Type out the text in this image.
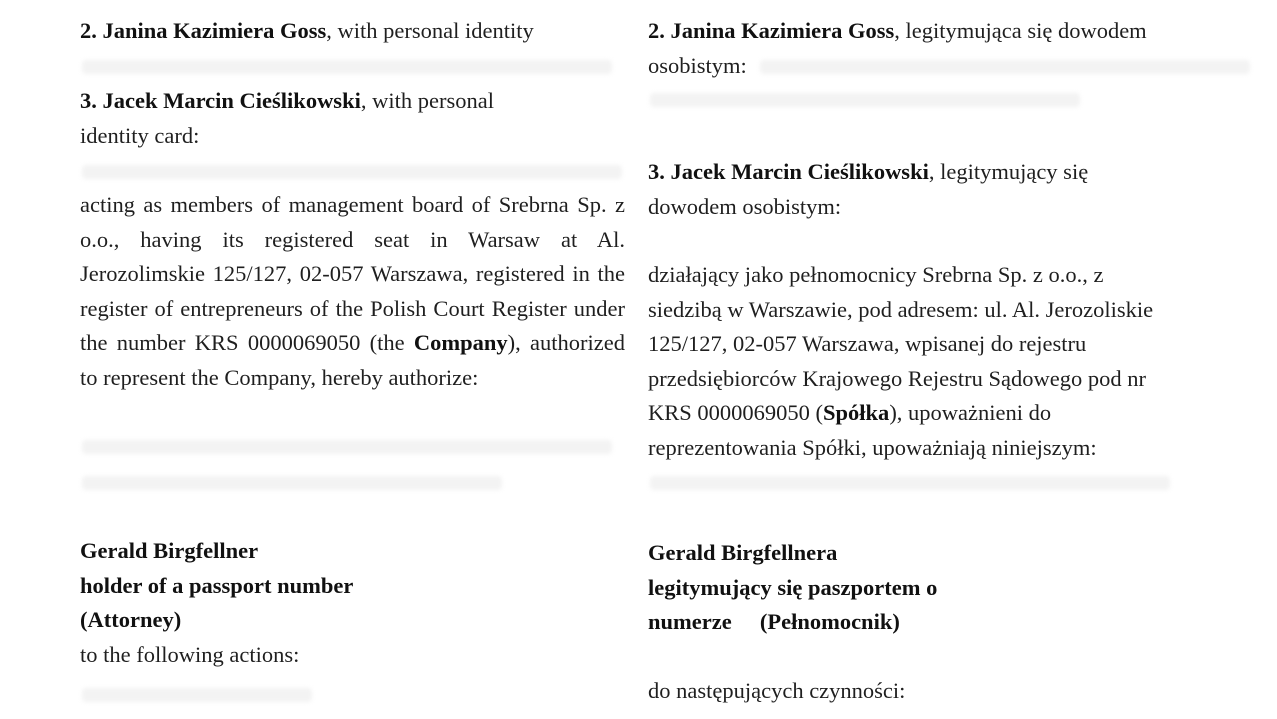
2. Janina Kazimiera Goss, with personal identity

3. Jacek Marcin Cieślikowski, with personal
identity card:

acting as members of management board of Srebrna Sp. z o.o., having its registered seat in Warsaw at Al. Jerozolimskie 125/127, 02-057 Warszawa, registered in the register of entrepreneurs of the Polish Court Register under the number KRS 0000069050 (the Company), authorized to represent the Company, hereby authorize:

Gerald Birgfellner
holder of a passport number
(Attorney)
to the following actions:

2. Janina Kazimiera Goss, legitymująca się dowodem
osobistym:

3. Jacek Marcin Cieślikowski, legitymujący się
dowodem osobistym:

działający jako pełnomocnicy Srebrna Sp. z o.o., z
siedzibą w Warszawie, pod adresem: ul. Al. Jerozoliskie
125/127, 02-057 Warszawa, wpisanej do rejestru
przedsiębiorców Krajowego Rejestru Sądowego pod nr
KRS 0000069050 (Spółka), upoważnieni do
reprezentowania Spółki, upoważniają niniejszym:

Gerald Birgfellnera
legitymujący się paszportem o
numerze (Pełnomocnik)

do następujących czynności:
